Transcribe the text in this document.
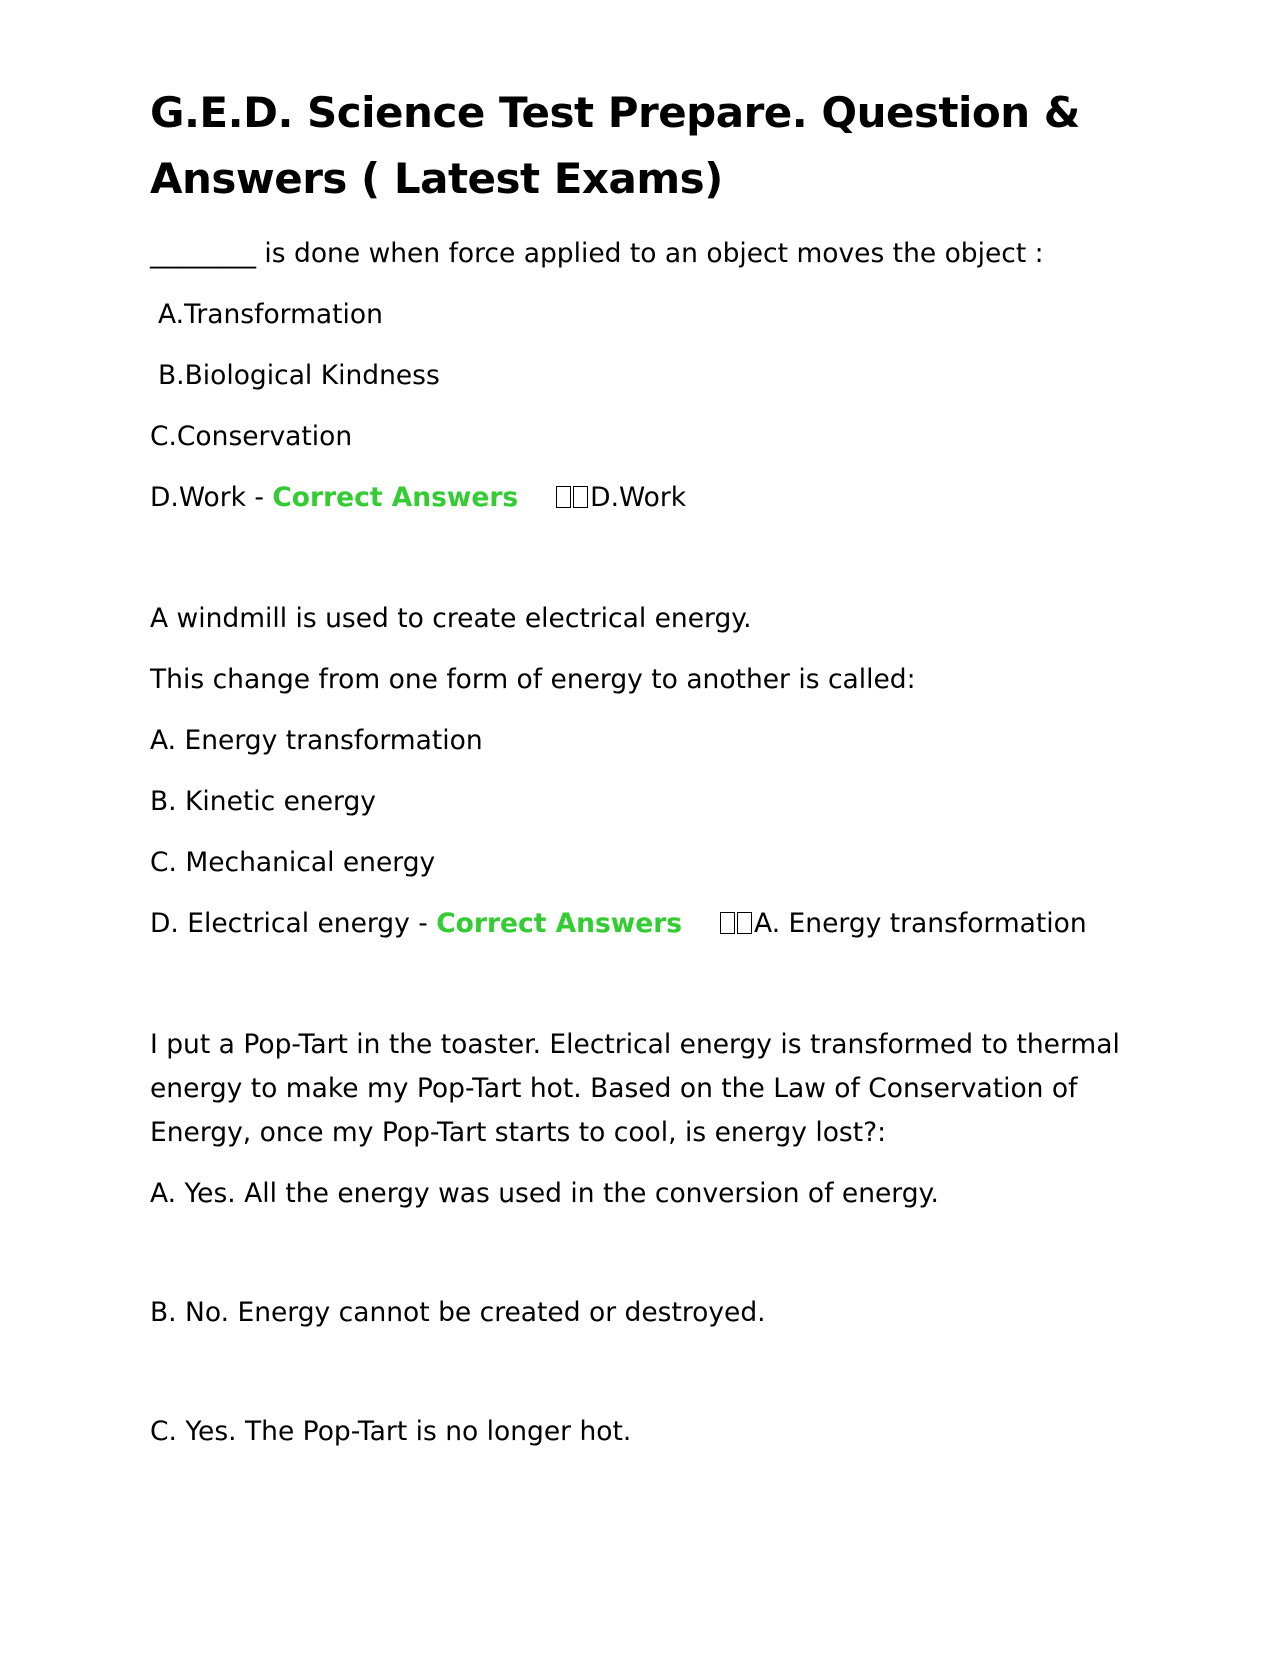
G.E.D. Science Test Prepare. Question & Answers ( Latest Exams)

________ is done when force applied to an object moves the object :

A.Transformation

B.Biological Kindness

C.Conservation

D.Work - Correct Answers	D.Work

A windmill is used to create electrical energy.

This change from one form of energy to another is called:

A. Energy transformation

B. Kinetic energy

C. Mechanical energy

D. Electrical energy - Correct Answers	A. Energy transformation

I put a Pop-Tart in the toaster. Electrical energy is transformed to thermal energy to make my Pop-Tart hot. Based on the Law of Conservation of Energy, once my Pop-Tart starts to cool, is energy lost?:

A. Yes. All the energy was used in the conversion of energy.

B. No. Energy cannot be created or destroyed.

C. Yes. The Pop-Tart is no longer hot.
